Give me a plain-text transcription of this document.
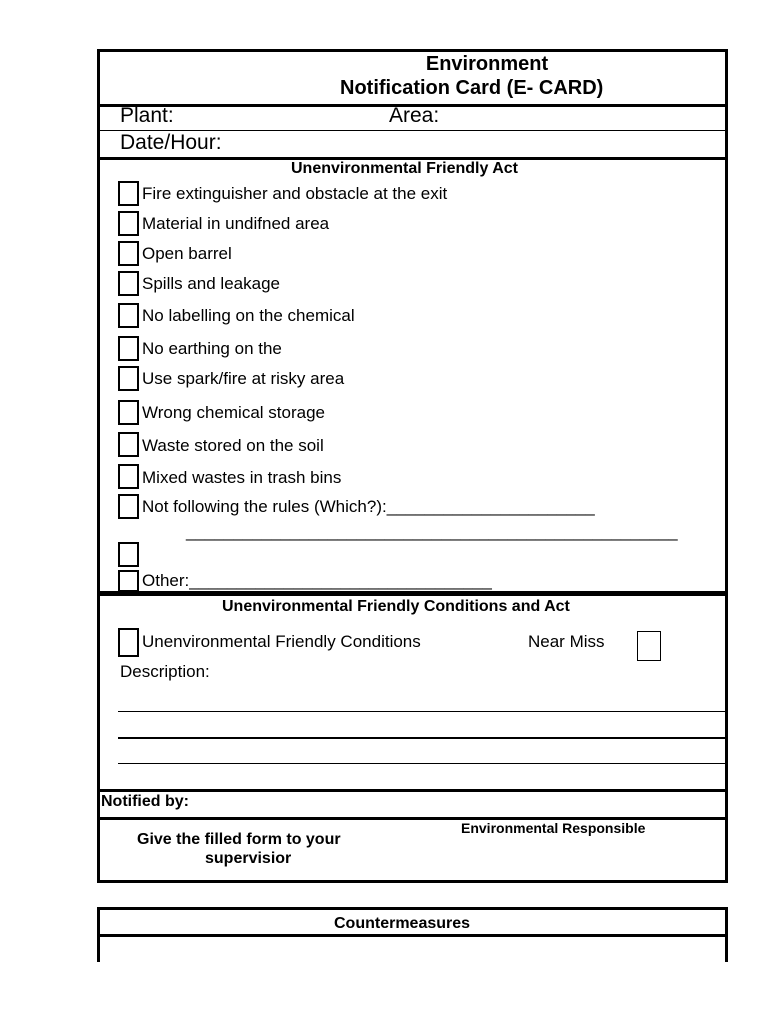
Environment
Notification Card (E- CARD)
Plant:	Area:
Date/Hour:
Unenvironmental Friendly Act
Fire extinguisher and obstacle at the exit
Material in undifned area
Open barrel
Spills and leakage
No labelling on the chemical
No earthing on the
Use spark/fire at risky area
Wrong chemical storage
Waste stored on the soil
Mixed wastes in trash bins
Not following the rules (Which?):______________________
____________________________________________________
Other:________________________________
Unenvironmental Friendly Conditions and Act
Unenvironmental Friendly Conditions	Near Miss
Description:
Notified by:
Give the filled form to your
supervisior
Environmental Responsible
Countermeasures
